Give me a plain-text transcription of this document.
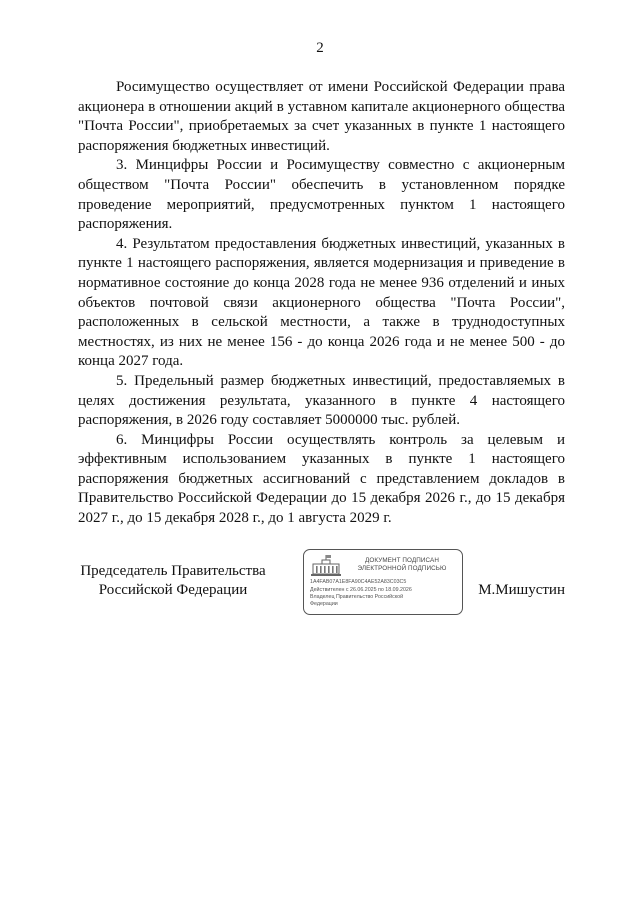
2

Росимущество осуществляет от имени Российской Федерации права акционера в отношении акций в уставном капитале акционерного общества "Почта России", приобретаемых за счет указанных в пункте 1 настоящего распоряжения бюджетных инвестиций.

3. Минцифры России и Росимуществу совместно с акционерным обществом "Почта России" обеспечить в установленном порядке проведение мероприятий, предусмотренных пунктом 1 настоящего распоряжения.

4. Результатом предоставления бюджетных инвестиций, указанных в пункте 1 настоящего распоряжения, является модернизация и приведение в нормативное состояние до конца 2028 года не менее 936 отделений и иных объектов почтовой связи акционерного общества "Почта России", расположенных в сельской местности, а также в труднодоступных местностях, из них не менее 156 - до конца 2026 года и не менее 500 - до конца 2027 года.

5. Предельный размер бюджетных инвестиций, предоставляемых в целях достижения результата, указанного в пункте 4 настоящего распоряжения, в 2026 году составляет 5000000 тыс. рублей.

6. Минцифры России осуществлять контроль за целевым и эффективным использованием указанных в пункте 1 настоящего распоряжения бюджетных ассигнований с представлением докладов в Правительство Российской Федерации до 15 декабря 2026 г., до 15 декабря 2027 г., до 15 декабря 2028 г., до 1 августа 2029 г.

Председатель Правительства
Российской Федерации
ДОКУМЕНТ ПОДПИСАН
ЭЛЕКТРОННОЙ ПОДПИСЬЮ
1A4FAB07A1E8FA90C4AE52A83C03C5
Действителен с 26.06.2025 по 18.09.2026
Владелец Правительство Российской
Федерации
М.Мишустин
